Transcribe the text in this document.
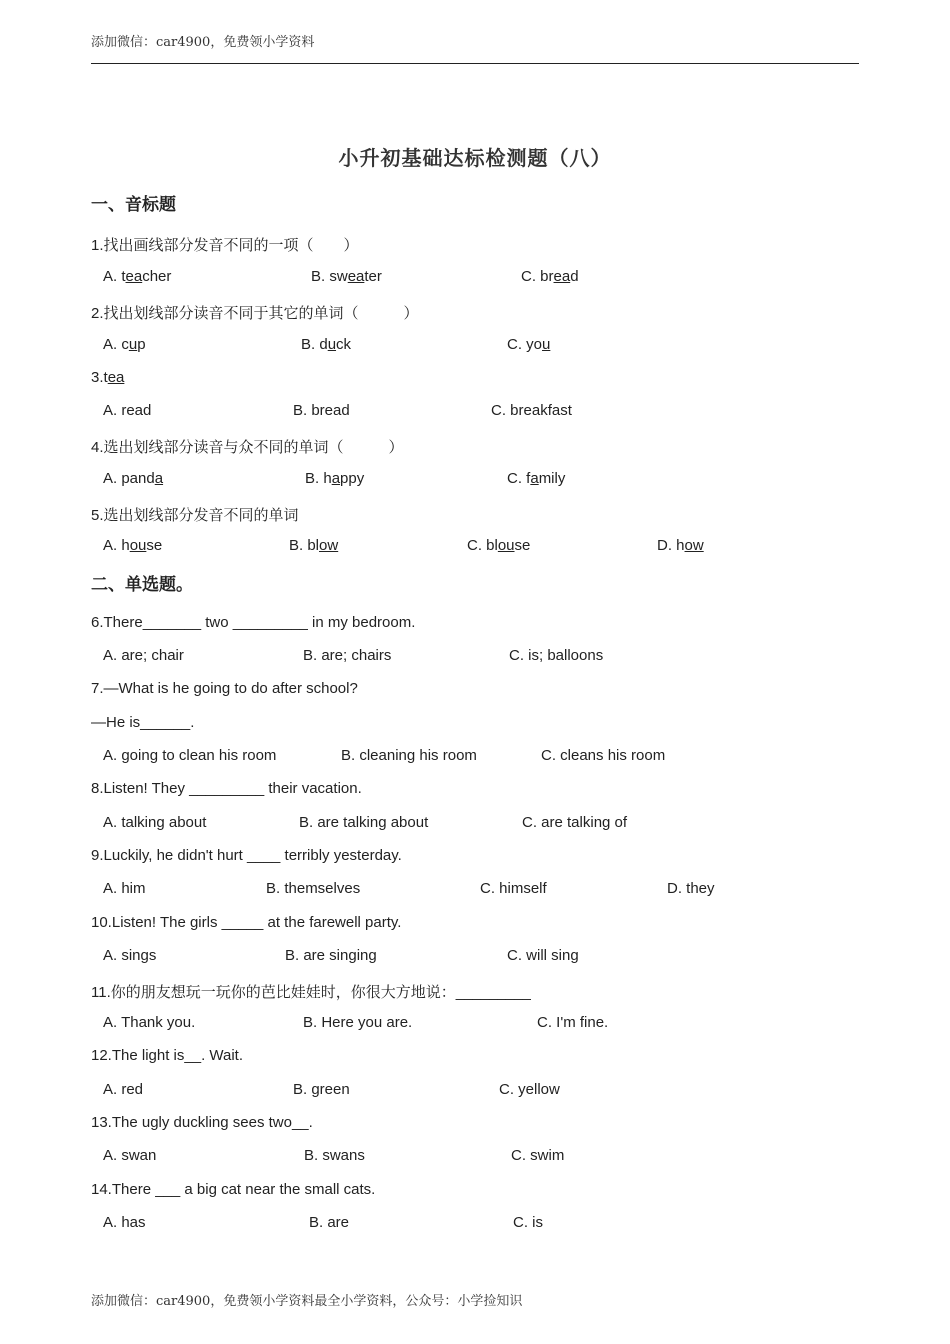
添加微信：car4900，免费领小学资料
小升初基础达标检测题（八）
一、音标题
1.找出画线部分发音不同的一项（　　）
A. teacher	B. sweater	C. bread
2.找出划线部分读音不同于其它的单词（　　　）
A. cup	B. duck	C. you
3.tea
A. read	B. bread	C. breakfast
4.选出划线部分读音与众不同的单词（　　　）
A. panda	B. happy	C. family
5.选出划线部分发音不同的单词
A. house	B. blow	C. blouse	D. how
二、单选题。
6.There_______ two _________ in my bedroom.
A. are; chair	B. are; chairs	C. is; balloons
7.—What is he going to do after school?
—He is______.
A. going to clean his room	B. cleaning his room	C. cleans his room
8.Listen! They _________ their vacation.
A. talking about	B. are talking about	C. are talking of
9.Luckily, he didn't hurt ____ terribly yesterday.
A. him	B. themselves	C. himself	D. they
10.Listen! The girls _____ at the farewell party.
A. sings	B. are singing	C. will sing
11.你的朋友想玩一玩你的芭比娃娃时，你很大方地说：_________
A. Thank you.	B. Here you are.	C. I'm fine.
12.The light is__. Wait.
A. red	B. green	C. yellow
13.The ugly duckling sees two__.
A. swan	B. swans	C. swim
14.There ___ a big cat near the small cats.
A. has	B. are	C. is
添加微信：car4900，免费领小学资料最全小学资料，公众号：小学捡知识
